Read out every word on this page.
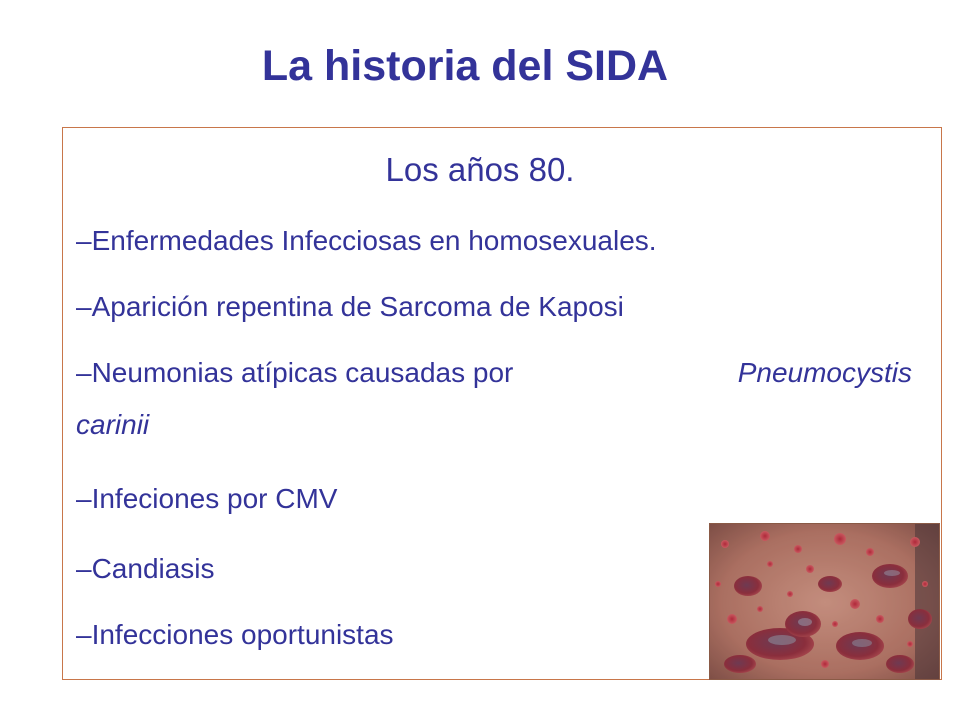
La historia del SIDA

Los años 80.

–Enfermedades Infecciosas en homosexuales.
–Aparición repentina de Sarcoma de Kaposi
–Neumonias atípicas causadas por	Pneumocystis
carinii
–Infeciones por CMV
–Candiasis
–Infecciones oportunistas
